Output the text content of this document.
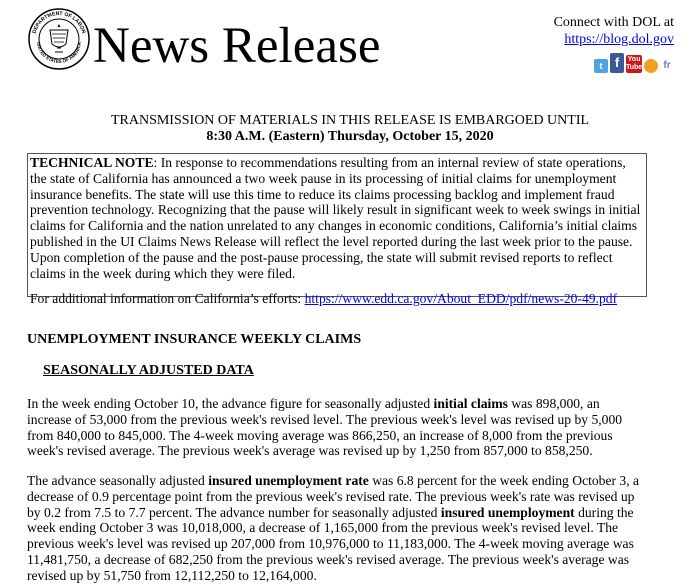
DEPARTMENT OF LABOR
UNITED STATES OF AMERICA News Release	Connect with DOL at
https://blog.dol.gov
t f	You Tube	fr
TRANSMISSION OF MATERIALS IN THIS RELEASE IS EMBARGOED UNTIL
8:30 A.M. (Eastern) Thursday, October 15, 2020

TECHNICAL NOTE: In response to recommendations resulting from an internal review of state operations, the state of California has announced a two week pause in its processing of initial claims for unemployment insurance benefits. The state will use this time to reduce its claims processing backlog and implement fraud prevention technology. Recognizing that the pause will likely result in significant week to week swings in initial claims for California and the nation unrelated to any changes in economic conditions, California’s initial claims published in the UI Claims News Release will reflect the level reported during the last week prior to the pause. Upon completion of the pause and the post-pause processing, the state will submit revised reports to reflect claims in the week during which they were filed.

For additional information on California’s efforts: https://www.edd.ca.gov/About_EDD/pdf/news-20-49.pdf

UNEMPLOYMENT INSURANCE WEEKLY CLAIMS
SEASONALLY ADJUSTED DATA

In the week ending October 10, the advance figure for seasonally adjusted initial claims was 898,000, an increase of 53,000 from the previous week's revised level. The previous week's level was revised up by 5,000 from 840,000 to 845,000. The 4-week moving average was 866,250, an increase of 8,000 from the previous week's revised average. The previous week's average was revised up by 1,250 from 857,000 to 858,250.

The advance seasonally adjusted insured unemployment rate was 6.8 percent for the week ending October 3, a decrease of 0.9 percentage point from the previous week's revised rate. The previous week's rate was revised up by 0.2 from 7.5 to 7.7 percent. The advance number for seasonally adjusted insured unemployment during the week ending October 3 was 10,018,000, a decrease of 1,165,000 from the previous week's revised level. The previous week's level was revised up 207,000 from 10,976,000 to 11,183,000. The 4-week moving average was 11,481,750, a decrease of 682,250 from the previous week's revised average. The previous week's average was revised up by 51,750 from 12,112,250 to 12,164,000.
